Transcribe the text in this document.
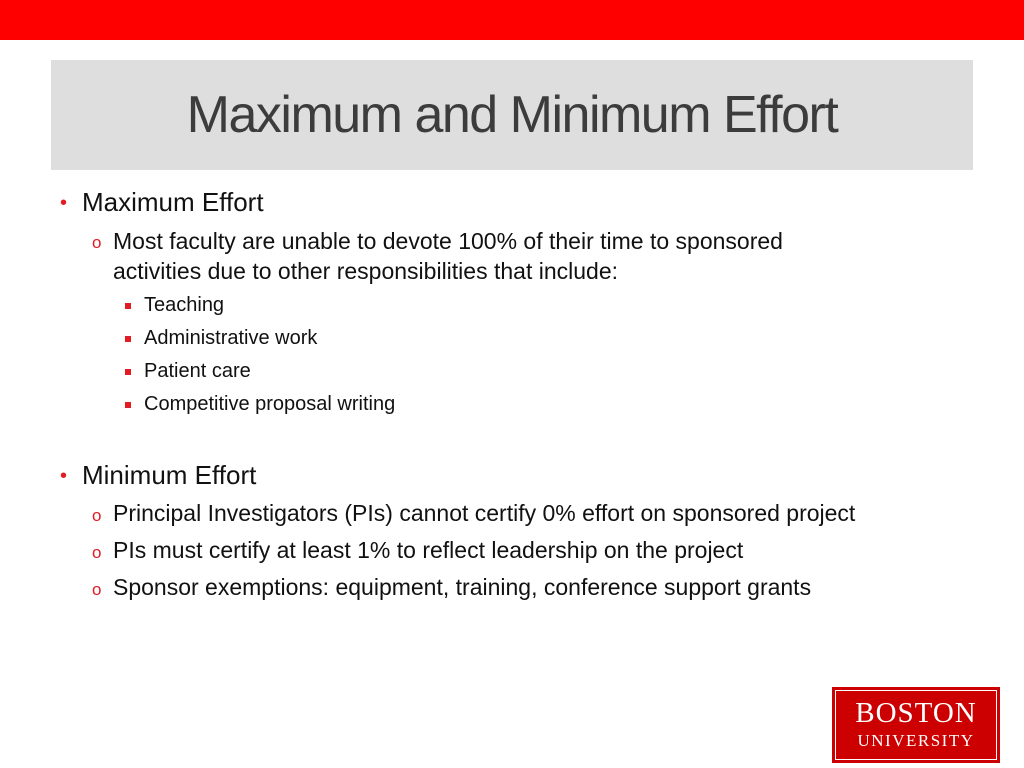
Maximum and Minimum Effort
• Maximum Effort
o Most faculty are unable to devote 100% of their time to sponsored
activities due to other responsibilities that include:
Teaching
Administrative work
Patient care
Competitive proposal writing
• Minimum Effort
o Principal Investigators (PIs) cannot certify 0% effort on sponsored project
o PIs must certify at least 1% to reflect leadership on the project
o Sponsor exemptions: equipment, training, conference support grants
BOSTON
UNIVERSITY
